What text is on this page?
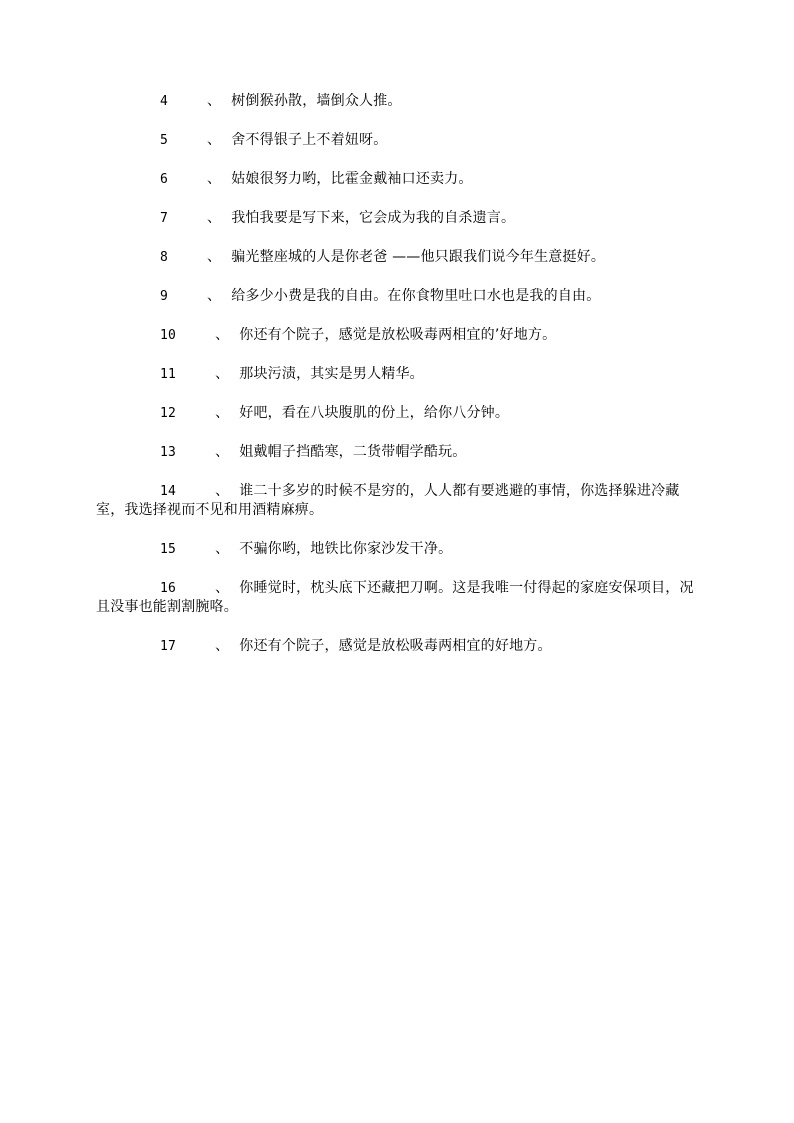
4	、 树倒猴孙散，墙倒众人推。

5	、 舍不得银子上不着妞呀。

6	、 姑娘很努力哟，比霍金戴袖口还卖力。

7	、 我怕我要是写下来，它会成为我的自杀遗言。

8	、 骗光整座城的人是你老爸 ——他只跟我们说今年生意挺好。

9	、 给多少小费是我的自由。在你食物里吐口水也是我的自由。

10	、 你还有个院子，感觉是放松吸毒两相宜的’好地方。

11	、 那块污渍，其实是男人精华。

12	、 好吧，看在八块腹肌的份上，给你八分钟。

13	、 姐戴帽子挡酷寒，二货带帽学酷玩。

14	、 谁二十多岁的时候不是穷的，人人都有要逃避的事情，你选择躲进冷藏室，我选择视而不见和用酒精麻痹。

15	、 不骗你哟，地铁比你家沙发干净。

16	、 你睡觉时，枕头底下还藏把刀啊。这是我唯一付得起的家庭安保项目，况且没事也能割割腕咯。

17	、 你还有个院子，感觉是放松吸毒两相宜的好地方。
